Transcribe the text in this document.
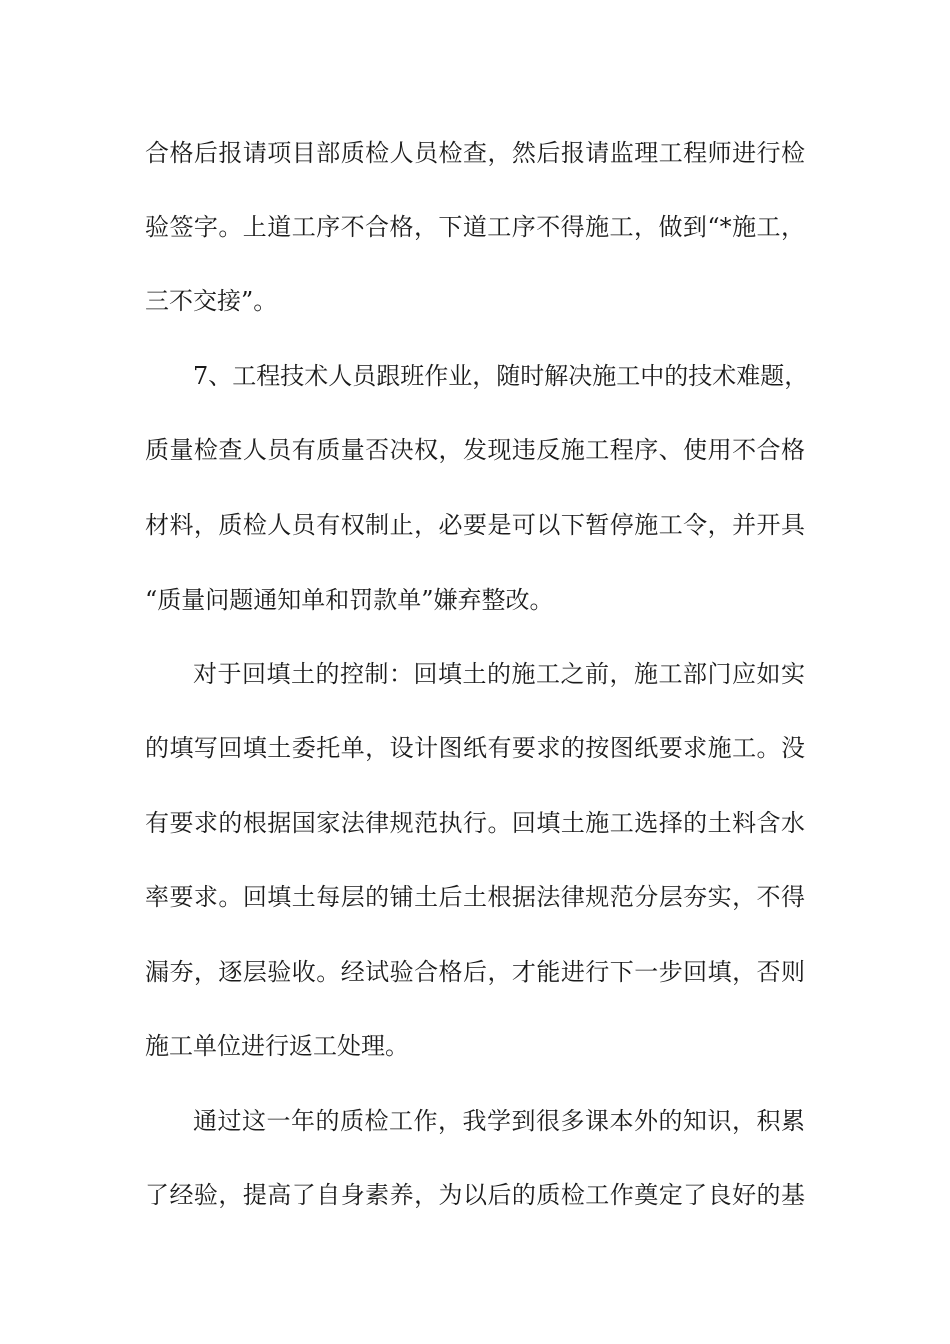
合格后报请项目部质检人员检查，然后报请监理工程师进行检
验签字。上道工序不合格，下道工序不得施工，做到“*施工，
三不交接”。
7、工程技术人员跟班作业，随时解决施工中的技术难题，
质量检查人员有质量否决权，发现违反施工程序、使用不合格
材料，质检人员有权制止，必要是可以下暂停施工令，并开具
“质量问题通知单和罚款单”嫌弃整改。
对于回填土的控制：回填土的施工之前，施工部门应如实
的填写回填土委托单，设计图纸有要求的按图纸要求施工。没
有要求的根据国家法律规范执行。回填土施工选择的土料含水
率要求。回填土每层的铺土后土根据法律规范分层夯实，不得
漏夯，逐层验收。经试验合格后，才能进行下一步回填，否则
施工单位进行返工处理。
通过这一年的质检工作，我学到很多课本外的知识，积累
了经验，提高了自身素养，为以后的质检工作奠定了良好的基
